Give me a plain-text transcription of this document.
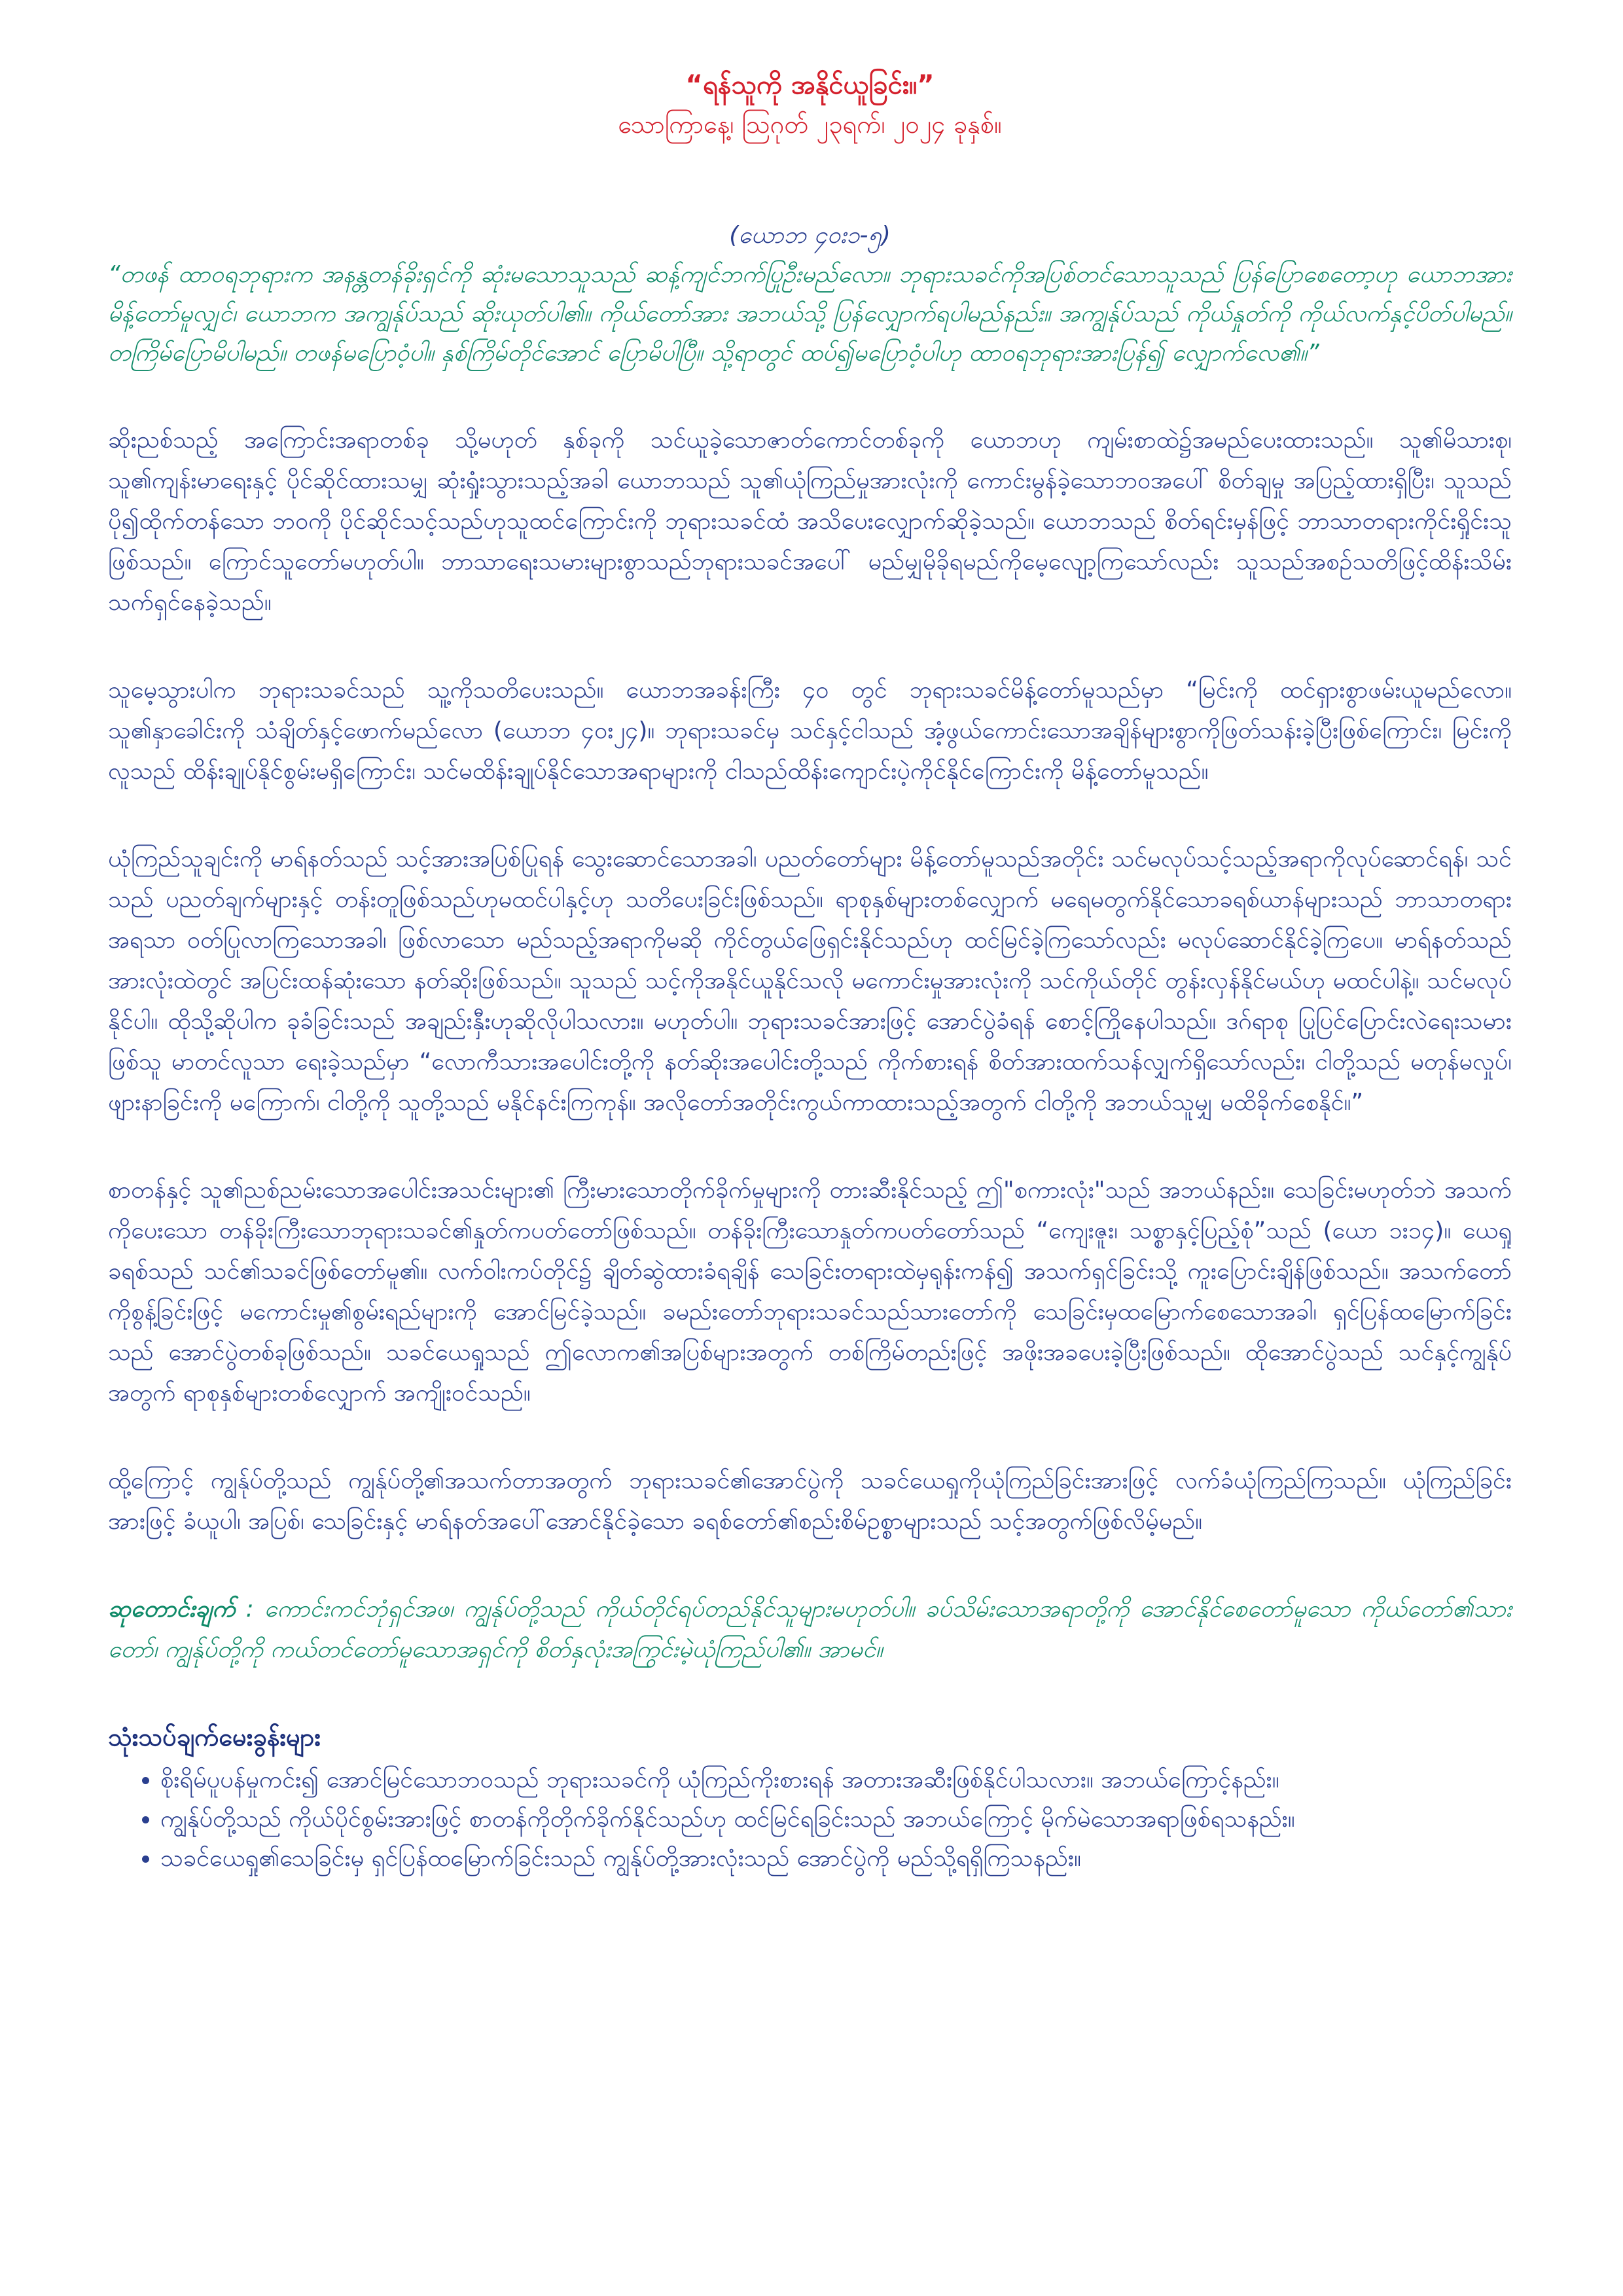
“ရန်သူကို အနိုင်ယူခြင်း။”

သောကြာနေ့၊ ဩဂုတ် ၂၃ရက်၊ ၂၀၂၄ ခုနှစ်။

(ယောဘ ၄၀း၁-၅)

“တဖန် ထာဝရဘုရားက အနန္တတန်ခိုးရှင်ကို ဆုံးမသောသူသည် ဆန့်ကျင်ဘက်ပြုဦးမည်လော။ ဘုရားသခင်ကိုအပြစ်တင်သောသူသည် ပြန်ပြောစေတော့ဟု ယောဘအား မိန့်တော်မူလျှင်၊ ယောဘက အကျွန်ုပ်သည် ဆိုးယုတ်ပါ၏။ ကိုယ်တော်အား အဘယ်သို့ ပြန်လျှောက်ရပါမည်နည်း။ အကျွန်ုပ်သည် ကိုယ်နှုတ်ကို ကိုယ်လက်နှင့်ပိတ်ပါမည်။ တကြိမ်ပြောမိပါမည်။ တဖန်မပြောဝံ့ပါ။ နှစ်ကြိမ်တိုင်အောင် ပြောမိပါပြီ။ သို့ရာတွင် ထပ်၍မပြောဝံ့ပါဟု ထာဝရဘုရားအားပြန်၍ လျှောက်လေ၏။”

ဆိုးညစ်သည့် အကြောင်းအရာတစ်ခု သို့မဟုတ် နှစ်ခုကို သင်ယူခဲ့သောဇာတ်ကောင်တစ်ခုကို ယောဘဟု ကျမ်းစာထဲ၌အမည်ပေးထားသည်။ သူ၏မိသားစု၊ သူ၏ကျန်းမာရေးနှင့် ပိုင်ဆိုင်ထားသမျှ ဆုံးရှုံးသွားသည့်အခါ ယောဘသည် သူ၏ယုံကြည်မှုအားလုံးကို ကောင်းမွန်ခဲ့သောဘဝအပေါ် စိတ်ချမှု အပြည့်ထားရှိပြီး၊ သူသည် ပို၍ထိုက်တန်သော ဘဝကို ပိုင်ဆိုင်သင့်သည်ဟုသူထင်ကြောင်းကို ဘုရားသခင်ထံ အသိပေးလျှောက်ဆိုခဲ့သည်။ ယောဘသည် စိတ်ရင်းမှန်ဖြင့် ဘာသာတရားကိုင်းရှိုင်းသူဖြစ်သည်။ ကြောင်သူတော်မဟုတ်ပါ။ ဘာသာရေးသမားများစွာသည်ဘုရားသခင်အပေါ် မည်မျှမိုခိုရမည်ကိုမေ့လျော့ကြသော်လည်း သူသည်အစဉ်သတိဖြင့်ထိန်းသိမ်းသက်ရှင်နေခဲ့သည်။

သူမေ့သွားပါက ဘုရားသခင်သည် သူ့ကိုသတိပေးသည်။ ယောဘအခန်းကြီး ၄၀ တွင် ဘုရားသခင်မိန့်တော်မူသည်မှာ “မြင်းကို ထင်ရှားစွာဖမ်းယူမည်လော။ သူ၏နှာခေါင်းကို သံချိတ်နှင့်ဖောက်မည်လော (ယောဘ ၄၀း၂၄)။ ဘုရားသခင်မှ သင်နှင့်ငါသည် အံ့ဖွယ်ကောင်းသောအချိန်များစွာကိုဖြတ်သန်းခဲ့ပြီးဖြစ်ကြောင်း၊ မြင်းကို လူသည် ထိန်းချုပ်နိုင်စွမ်းမရှိကြောင်း၊ သင်မထိန်းချုပ်နိုင်သောအရာများကို ငါသည်ထိန်းကျောင်းပဲ့ကိုင်နိုင်ကြောင်းကို မိန့်တော်မူသည်။

ယုံကြည်သူချင်းကို မာရ်နတ်သည် သင့်အားအပြစ်ပြုရန် သွေးဆောင်သောအခါ၊ ပညတ်တော်များ မိန့်တော်မူသည်အတိုင်း သင်မလုပ်သင့်သည့်အရာကိုလုပ်ဆောင်ရန်၊ သင်သည် ပညတ်ချက်များနှင့် တန်းတူဖြစ်သည်ဟုမထင်ပါနှင့်ဟု သတိပေးခြင်းဖြစ်သည်။ ရာစုနှစ်များတစ်လျှောက် မရေမတွက်နိုင်သောခရစ်ယာန်များသည် ဘာသာတရားအရသာ ဝတ်ပြုလာကြသောအခါ၊ ဖြစ်လာသော မည်သည့်အရာကိုမဆို ကိုင်တွယ်ဖြေရှင်းနိုင်သည်ဟု ထင်မြင်ခဲ့ကြသော်လည်း မလုပ်ဆောင်နိုင်ခဲ့ကြပေ။ မာရ်နတ်သည်အားလုံးထဲတွင် အပြင်းထန်ဆုံးသော နတ်ဆိုးဖြစ်သည်။ သူသည် သင့်ကိုအနိုင်ယူနိုင်သလို မကောင်းမှုအားလုံးကို သင်ကိုယ်တိုင် တွန်းလှန်နိုင်မယ်ဟု မထင်ပါနဲ့။ သင်မလုပ်နိုင်ပါ။ ထိုသို့ဆိုပါက ခုခံခြင်းသည် အချည်းနှီးဟုဆိုလိုပါသလား။ မဟုတ်ပါ။ ဘုရားသခင်အားဖြင့် အောင်ပွဲခံရန် စောင့်ကြိုနေပါသည်။ ဒဂ်ရာစု ပြုပြင်ပြောင်းလဲရေးသမားဖြစ်သူ မာတင်လူသာ ရေးခဲ့သည်မှာ “လောကီသားအပေါင်းတို့ကို နတ်ဆိုးအပေါင်းတို့သည် ကိုက်စားရန် စိတ်အားထက်သန်လျှက်ရှိသော်လည်း၊ ငါတို့သည် မတုန်မလှုပ်၊ ဖျားနာခြင်းကို မကြောက်၊ ငါတို့ကို သူတို့သည် မနိုင်နင်းကြကုန်။ အလိုတော်အတိုင်းကွယ်ကာထားသည့်အတွက် ငါတို့ကို အဘယ်သူမျှ မထိခိုက်စေနိုင်။”

စာတန်နှင့် သူ၏ညစ်ညမ်းသောအပေါင်းအသင်းများ၏ ကြီးမားသောတိုက်ခိုက်မှုများကို တားဆီးနိုင်သည့် ဤ"စကားလုံး"သည် အဘယ်နည်း။ သေခြင်းမဟုတ်ဘဲ အသက်ကိုပေးသော တန်ခိုးကြီးသောဘုရားသခင်၏နှုတ်ကပတ်တော်ဖြစ်သည်။ တန်ခိုးကြီးသောနှုတ်ကပတ်တော်သည် “ကျေးဇူး၊ သစ္စာနှင့်ပြည့်စုံ”သည် (ယော ၁း၁၄)။ ယေရှုခရစ်သည် သင်၏သခင်ဖြစ်တော်မူ၏။ လက်ဝါးကပ်တိုင်၌ ချိတ်ဆွဲထားခံရချိန် သေခြင်းတရားထဲမှရုန်းကန်၍ အသက်ရှင်ခြင်းသို့ ကူးပြောင်းချိန်ဖြစ်သည်။ အသက်တော်ကိုစွန့်ခြင်းဖြင့် မကောင်းမှု၏စွမ်းရည်များကို အောင်မြင်ခဲ့သည်။ ခမည်းတော်ဘုရားသခင်သည်သားတော်ကို သေခြင်းမှထမြောက်စေသောအခါ၊ ရှင်ပြန်ထမြောက်ခြင်းသည် အောင်ပွဲတစ်ခုဖြစ်သည်။ သခင်ယေရှုသည် ဤလောက၏အပြစ်များအတွက် တစ်ကြိမ်တည်းဖြင့် အဖိုးအခပေးခဲ့ပြီးဖြစ်သည်။ ထိုအောင်ပွဲသည် သင်နှင့်ကျွန်ုပ်အတွက် ရာစုနှစ်များတစ်လျှောက် အကျိုးဝင်သည်။

ထို့ကြောင့် ကျွန်ုပ်တို့သည် ကျွန်ုပ်တို့၏အသက်တာအတွက် ဘုရားသခင်၏အောင်ပွဲကို သခင်ယေရှုကိုယုံကြည်ခြင်းအားဖြင့် လက်ခံယုံကြည်ကြသည်။ ယုံကြည်ခြင်းအားဖြင့် ခံယူပါ၊ အပြစ်၊ သေခြင်းနှင့် မာရ်နတ်အပေါ်အောင်နိုင်ခဲ့သော ခရစ်တော်၏စည်းစိမ်ဥစ္စာများသည် သင့်အတွက်ဖြစ်လိမ့်မည်။

ဆုတောင်းချက် : ကောင်းကင်ဘုံရှင်အဖ၊ ကျွန်ုပ်တို့သည် ကိုယ်တိုင်ရပ်တည်နိုင်သူများမဟုတ်ပါ။ ခပ်သိမ်းသောအရာတို့ကို အောင်နိုင်စေတော်မူသော ကိုယ်တော်၏သားတော်၊ ကျွန်ုပ်တို့ကို ကယ်တင်တော်မူသောအရှင်ကို စိတ်နှလုံးအကြွင်းမဲ့ယုံကြည်ပါ၏။ အာမင်။

သုံးသပ်ချက်မေးခွန်းများ

• စိုးရိမ်ပူပန်မှုကင်း၍ အောင်မြင်သောဘဝသည် ဘုရားသခင်ကို ယုံကြည်ကိုးစားရန် အတားအဆီးဖြစ်နိုင်ပါသလား။ အဘယ်ကြောင့်နည်း။
• ကျွန်ုပ်တို့သည် ကိုယ်ပိုင်စွမ်းအားဖြင့် စာတန်ကိုတိုက်ခိုက်နိုင်သည်ဟု ထင်မြင်ရခြင်းသည် အဘယ်ကြောင့် မိုက်မဲသောအရာဖြစ်ရသနည်း။
• သခင်ယေရှု၏သေခြင်းမှ ရှင်ပြန်ထမြောက်ခြင်းသည် ကျွန်ုပ်တို့အားလုံးသည် အောင်ပွဲကို မည်သို့ရရှိကြသနည်း။
